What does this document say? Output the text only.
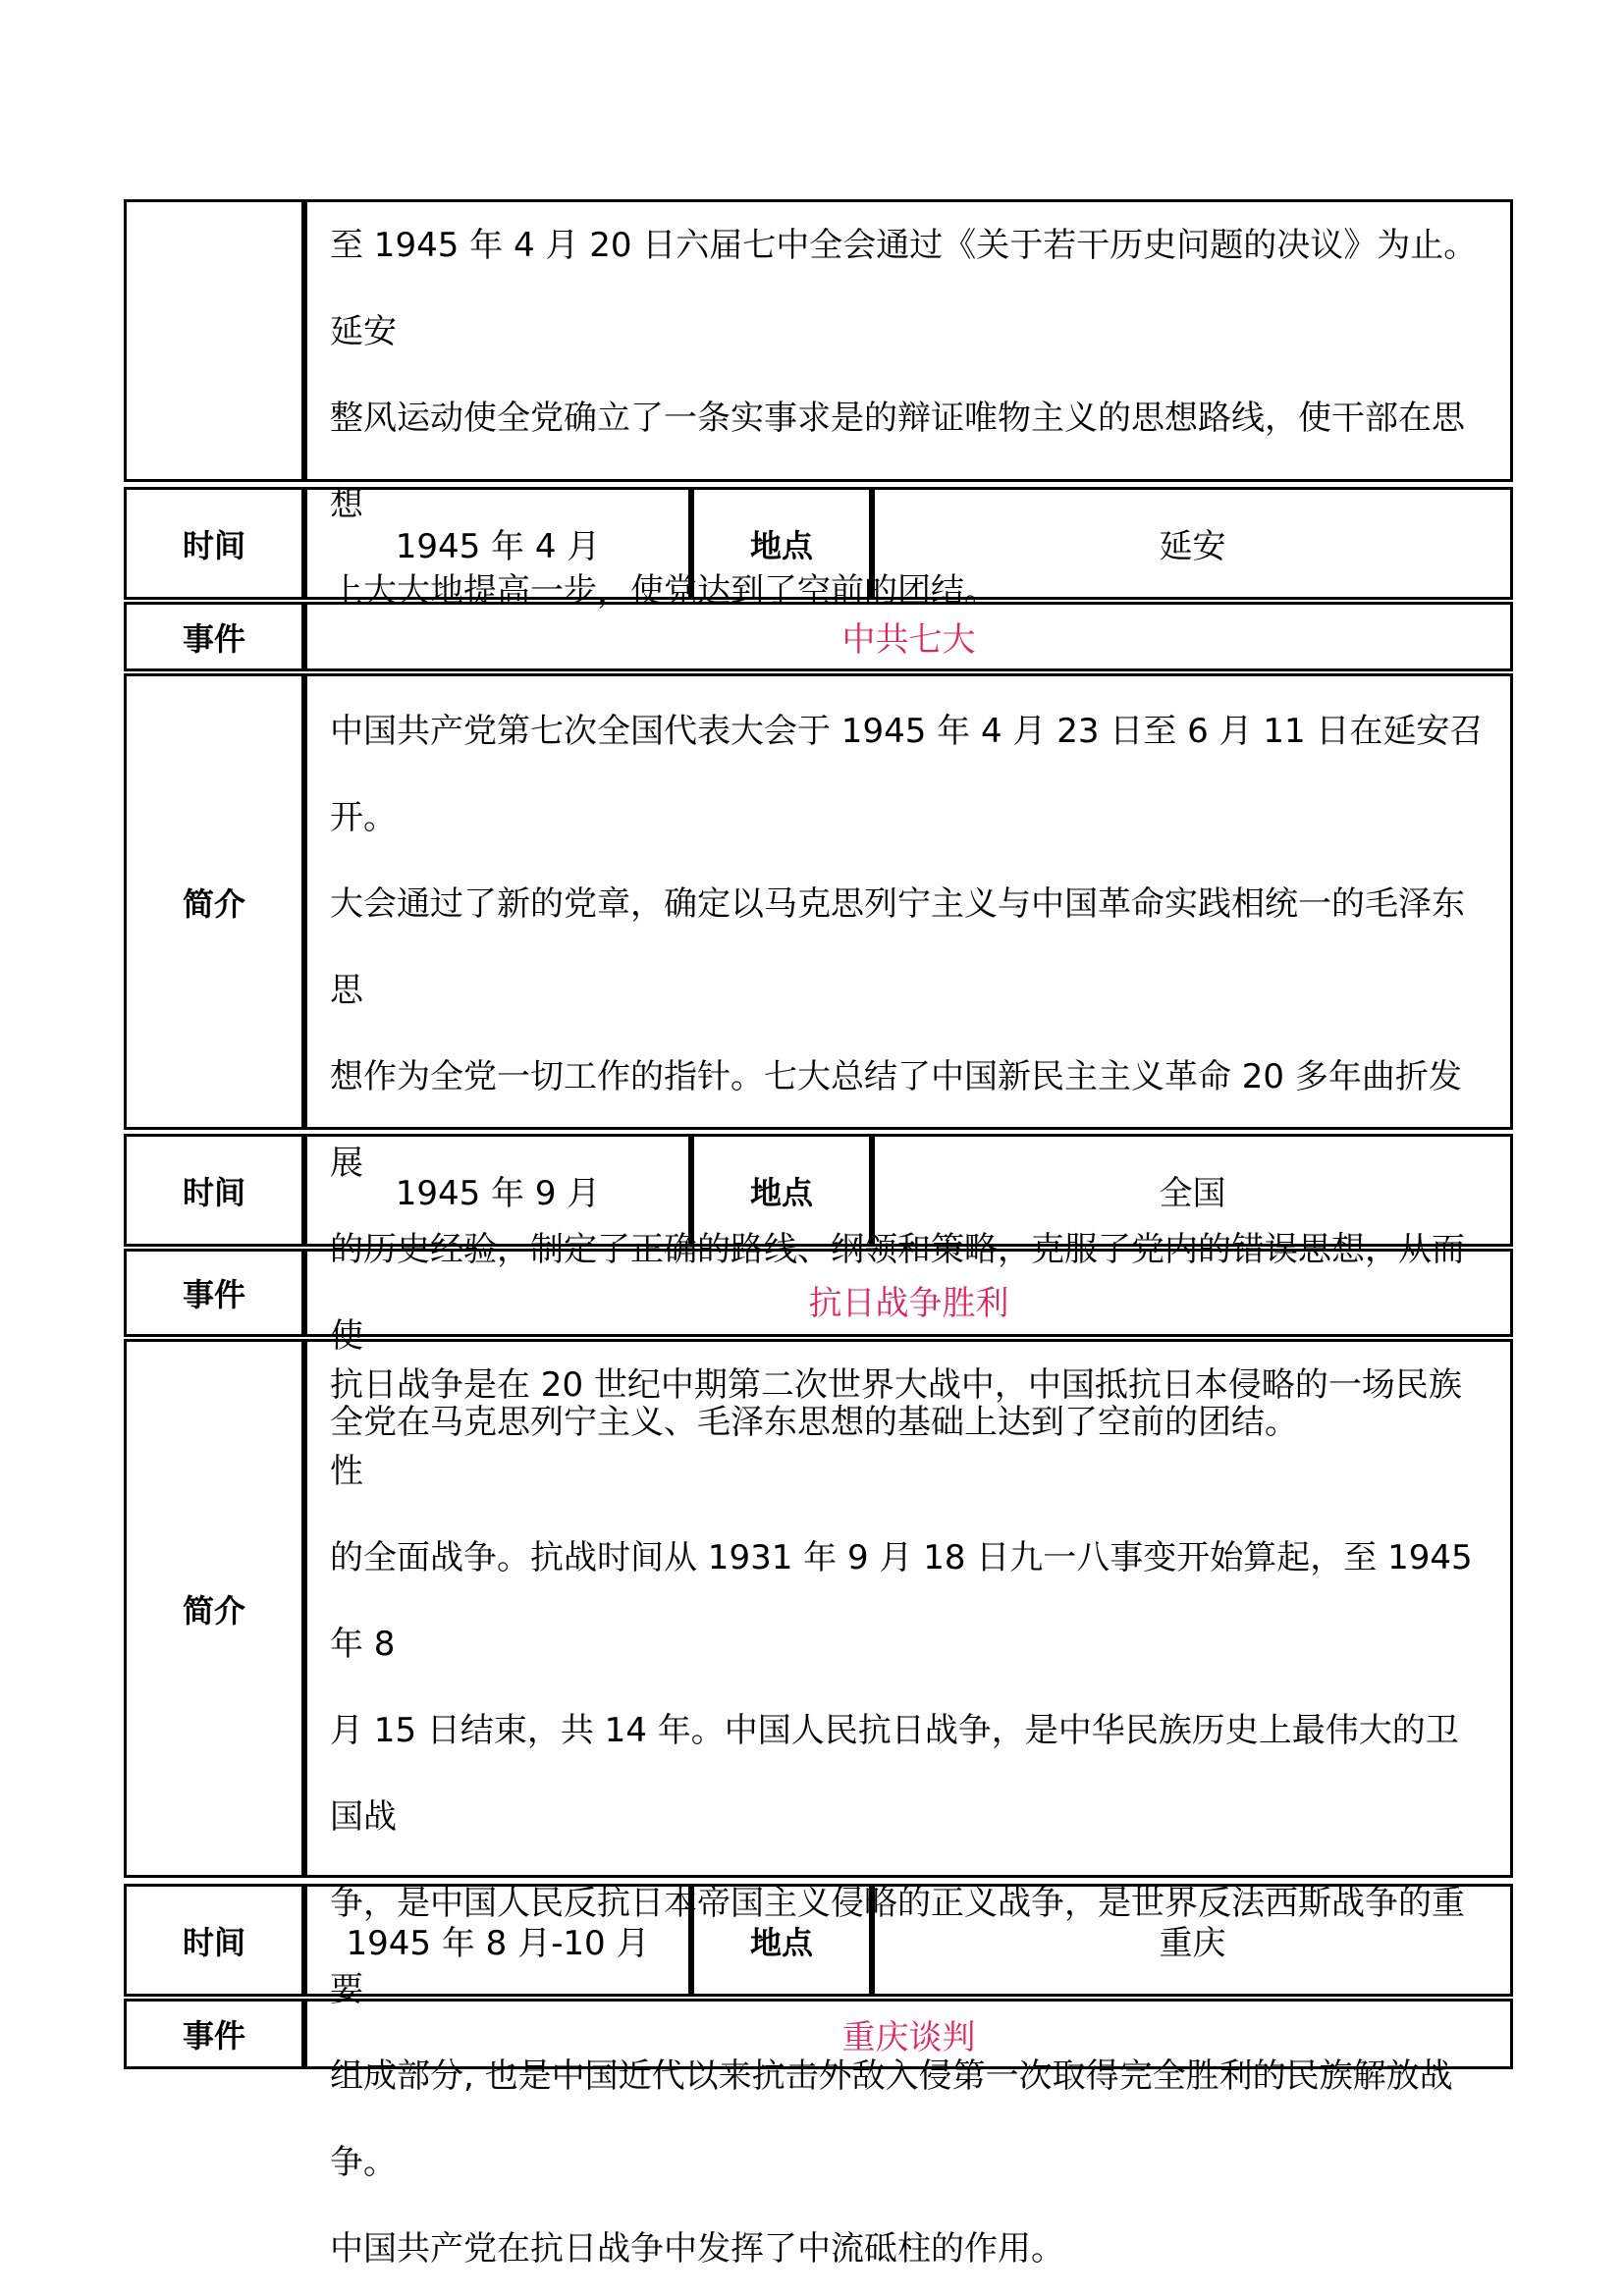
至 1945 年 4 月 20 日六届七中全会通过《关于若干历史问题的决议》为止。延安

整风运动使全党确立了一条实事求是的辩证唯物主义的思想路线，使干部在思想

上大大地提高一步，使党达到了空前的团结。

时间	1945 年 4 月	地点	延安
事件	中共七大
简介

中国共产党第七次全国代表大会于 1945 年 4 月 23 日至 6 月 11 日在延安召开。

大会通过了新的党章，确定以马克思列宁主义与中国革命实践相统一的毛泽东思

想作为全党一切工作的指针。七大总结了中国新民主主义革命 20 多年曲折发展

的历史经验，制定了正确的路线、纲领和策略，克服了党内的错误思想，从而使

全党在马克思列宁主义、毛泽东思想的基础上达到了空前的团结。

时间	1945 年 9 月	地点	全国
事件	抗日战争胜利
简介

抗日战争是在 20 世纪中期第二次世界大战中，中国抵抗日本侵略的一场民族性

的全面战争。抗战时间从 1931 年 9 月 18 日九一八事变开始算起，至 1945 年 8

月 15 日结束，共 14 年。中国人民抗日战争，是中华民族历史上最伟大的卫国战

争，是中国人民反抗日本帝国主义侵略的正义战争，是世界反法西斯战争的重要

组成部分, 也是中国近代以来抗击外敌入侵第一次取得完全胜利的民族解放战争。

中国共产党在抗日战争中发挥了中流砥柱的作用。

时间	1945 年 8 月-10 月	地点	重庆
事件	重庆谈判
